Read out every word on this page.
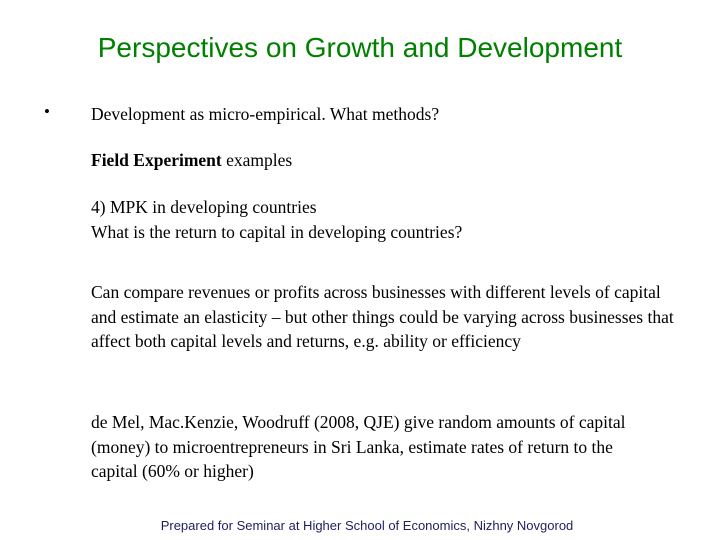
Perspectives on Growth and Development
• Development as micro-empirical. What methods?
Field Experiment examples
4) MPK in developing countries
What is the return to capital in developing countries?
Can compare revenues or profits across businesses with different levels of capital and estimate an elasticity – but other things could be varying across businesses that affect both capital levels and returns, e.g. ability or efficiency
de Mel, Mac.Kenzie, Woodruff (2008, QJE) give random amounts of capital (money) to microentrepreneurs in Sri Lanka, estimate rates of return to the capital (60% or higher)
Prepared for Seminar at Higher School of Economics, Nizhny Novgorod
